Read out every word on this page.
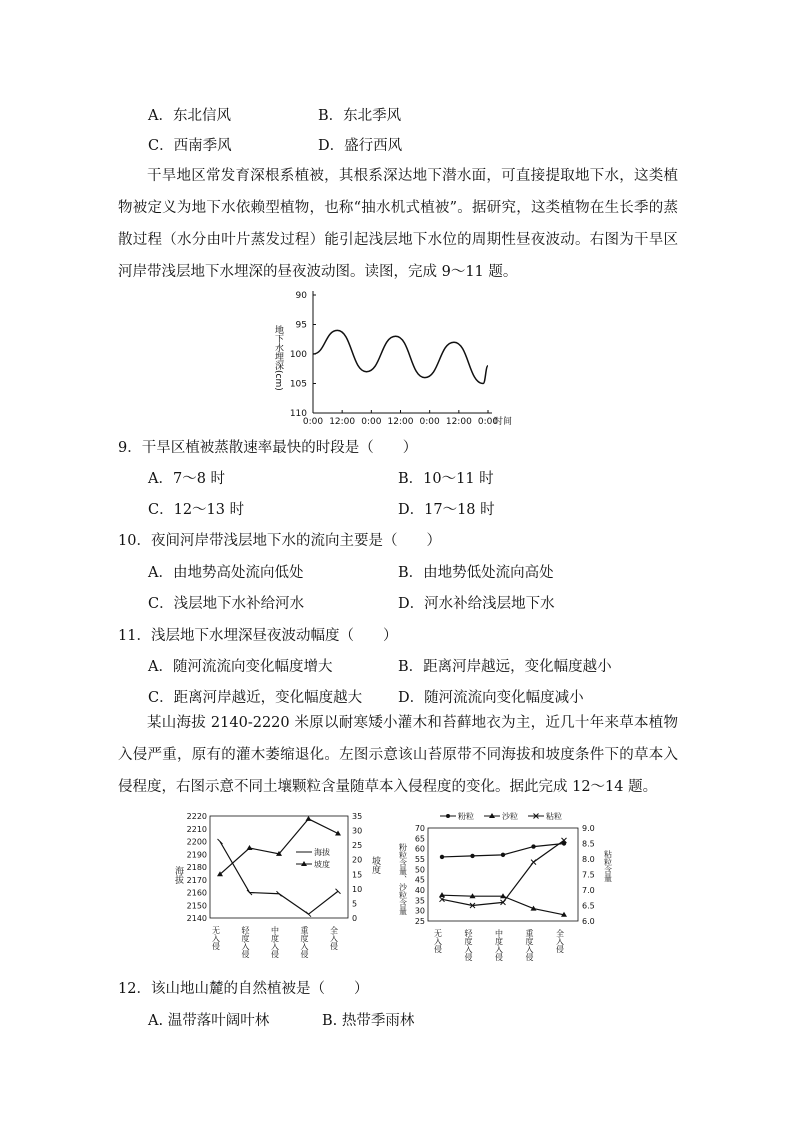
A．东北信风	B．东北季风
C．西南季风	D．盛行西风

干旱地区常发育深根系植被，其根系深达地下潜水面，可直接提取地下水，这类植物被定义为地下水依赖型植物，也称“抽水机式植被”。据研究，这类植物在生长季的蒸散过程（水分由叶片蒸发过程）能引起浅层地下水位的周期性昼夜波动。右图为干旱区河岸带浅层地下水埋深的昼夜波动图。读图，完成 9～11 题。

90
95
100
105
110
0:00 12:00 0:00 12:00 0:00 12:00 0:00
时间
地下水埋深(cm)
9．干旱区植被蒸散速率最快的时段是（　　）
A．7～8 时	B．10～11 时
C．12～13 时	D．17～18 时
10．夜间河岸带浅层地下水的流向主要是（　　）
A．由地势高处流向低处	B．由地势低处流向高处
C．浅层地下水补给河水	D．河水补给浅层地下水
11．浅层地下水埋深昼夜波动幅度（　　）
A．随河流流向变化幅度增大	B．距离河岸越远，变化幅度越小
C．距离河岸越近，变化幅度越大 D．随河流流向变化幅度减小

某山海拔 2140-2220 米原以耐寒矮小灌木和苔藓地衣为主，近几十年来草本植物入侵严重，原有的灌木萎缩退化。左图示意该山苔原带不同海拔和坡度条件下的草本入侵程度，右图示意不同土壤颗粒含量随草本入侵程度的变化。据此完成 12～14 题。

2140
2150
2160
2170
2180
2190
2200
2210
2220
0
5
10
15
20
25
30
35
海拔
坡度
无入侵	轻度入侵	中度入侵	重度入侵	全入侵
海拔
坡度
25
30
35
40
45
50
55
60
65
70
6.0
6.5
7.0
7.5
8.0
8.5
9.0
粉粒含量、沙粒含量	粘粒含量
无入侵	轻度入侵	中度入侵	重度入侵	全入侵
粉粒	沙粒	粘粒
12．该山地山麓的自然植被是（　　）
A. 温带落叶阔叶林	B. 热带季雨林
